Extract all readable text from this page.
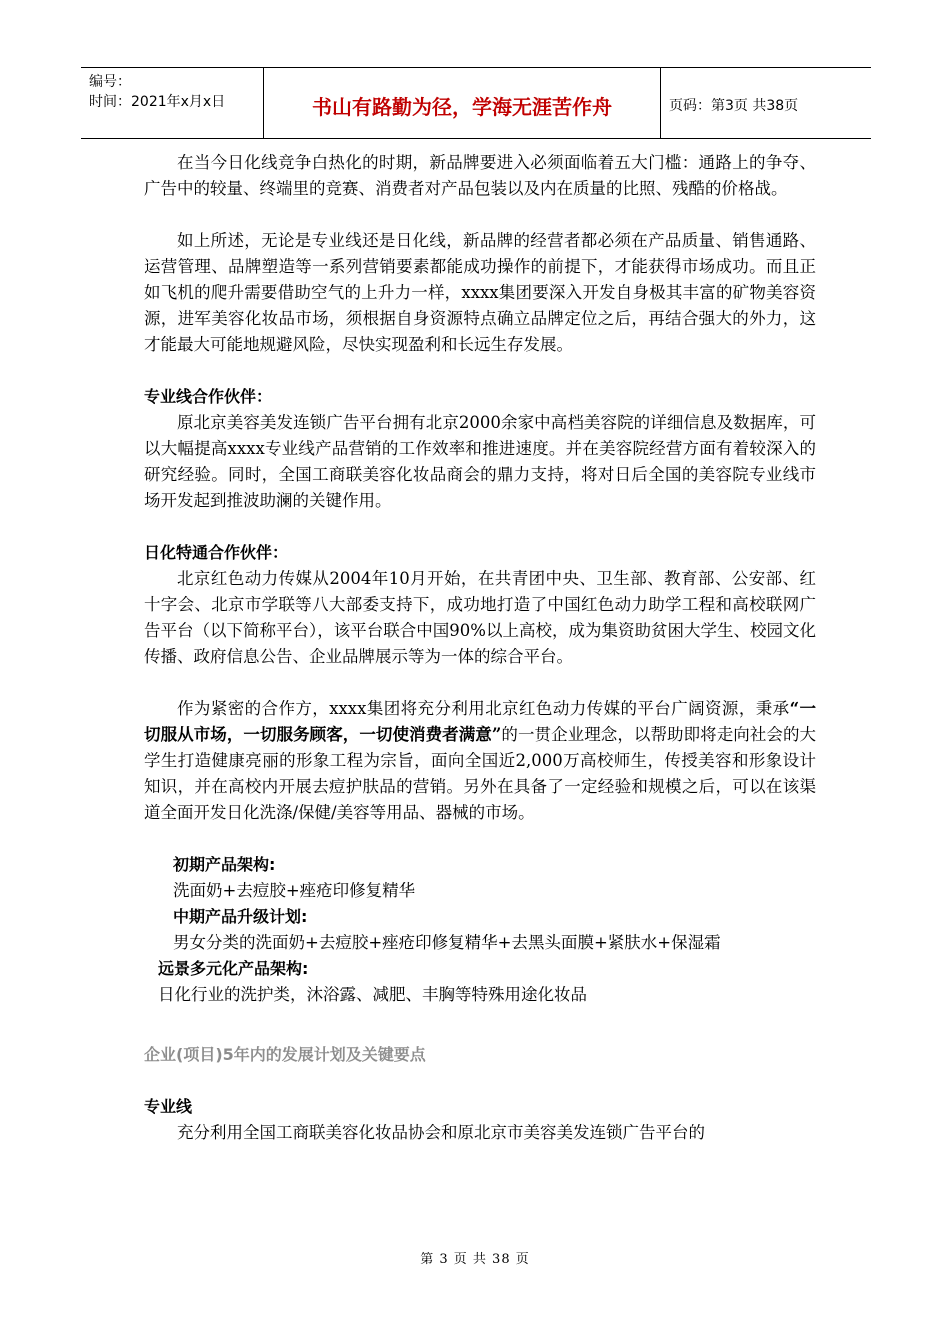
编号：
时间：2021年x月x日	书山有路勤为径，学海无涯苦作舟	页码：第3页 共38页

在当今日化线竞争白热化的时期，新品牌要进入必须面临着五大门槛：通路上的争夺、广告中的较量、终端里的竞赛、消费者对产品包装以及内在质量的比照、残酷的价格战。

如上所述，无论是专业线还是日化线，新品牌的经营者都必须在产品质量、销售通路、运营管理、品牌塑造等一系列营销要素都能成功操作的前提下，才能获得市场成功。而且正如飞机的爬升需要借助空气的上升力一样，xxxx集团要深入开发自身极其丰富的矿物美容资源，进军美容化妆品市场，须根据自身资源特点确立品牌定位之后，再结合强大的外力，这才能最大可能地规避风险，尽快实现盈利和长远生存发展。

专业线合作伙伴：

原北京美容美发连锁广告平台拥有北京2000余家中高档美容院的详细信息及数据库，可以大幅提高xxxx专业线产品营销的工作效率和推进速度。并在美容院经营方面有着较深入的研究经验。同时，全国工商联美容化妆品商会的鼎力支持，将对日后全国的美容院专业线市场开发起到推波助澜的关键作用。

日化特通合作伙伴：

北京红色动力传媒从2004年10月开始，在共青团中央、卫生部、教育部、公安部、红十字会、北京市学联等八大部委支持下，成功地打造了中国红色动力助学工程和高校联网广告平台（以下简称平台），该平台联合中国90%以上高校，成为集资助贫困大学生、校园文化传播、政府信息公告、企业品牌展示等为一体的综合平台。

作为紧密的合作方，xxxx集团将充分利用北京红色动力传媒的平台广阔资源，秉承“一切服从市场，一切服务顾客，一切使消费者满意”的一贯企业理念，以帮助即将走向社会的大学生打造健康亮丽的形象工程为宗旨，面向全国近2,000万高校师生，传授美容和形象设计知识，并在高校内开展去痘护肤品的营销。另外在具备了一定经验和规模之后，可以在该渠道全面开发日化洗涤/保健/美容等用品、器械的市场。

初期产品架构:
洗面奶+去痘胶+痤疮印修复精华
中期产品升级计划:
男女分类的洗面奶+去痘胶+痤疮印修复精华+去黑头面膜+紧肤水+保湿霜
远景多元化产品架构:
日化行业的洗护类，沐浴露、减肥、丰胸等特殊用途化妆品
企业(项目)5年内的发展计划及关键要点
专业线

充分利用全国工商联美容化妆品协会和原北京市美容美发连锁广告平台的

第 3 页 共 38 页
